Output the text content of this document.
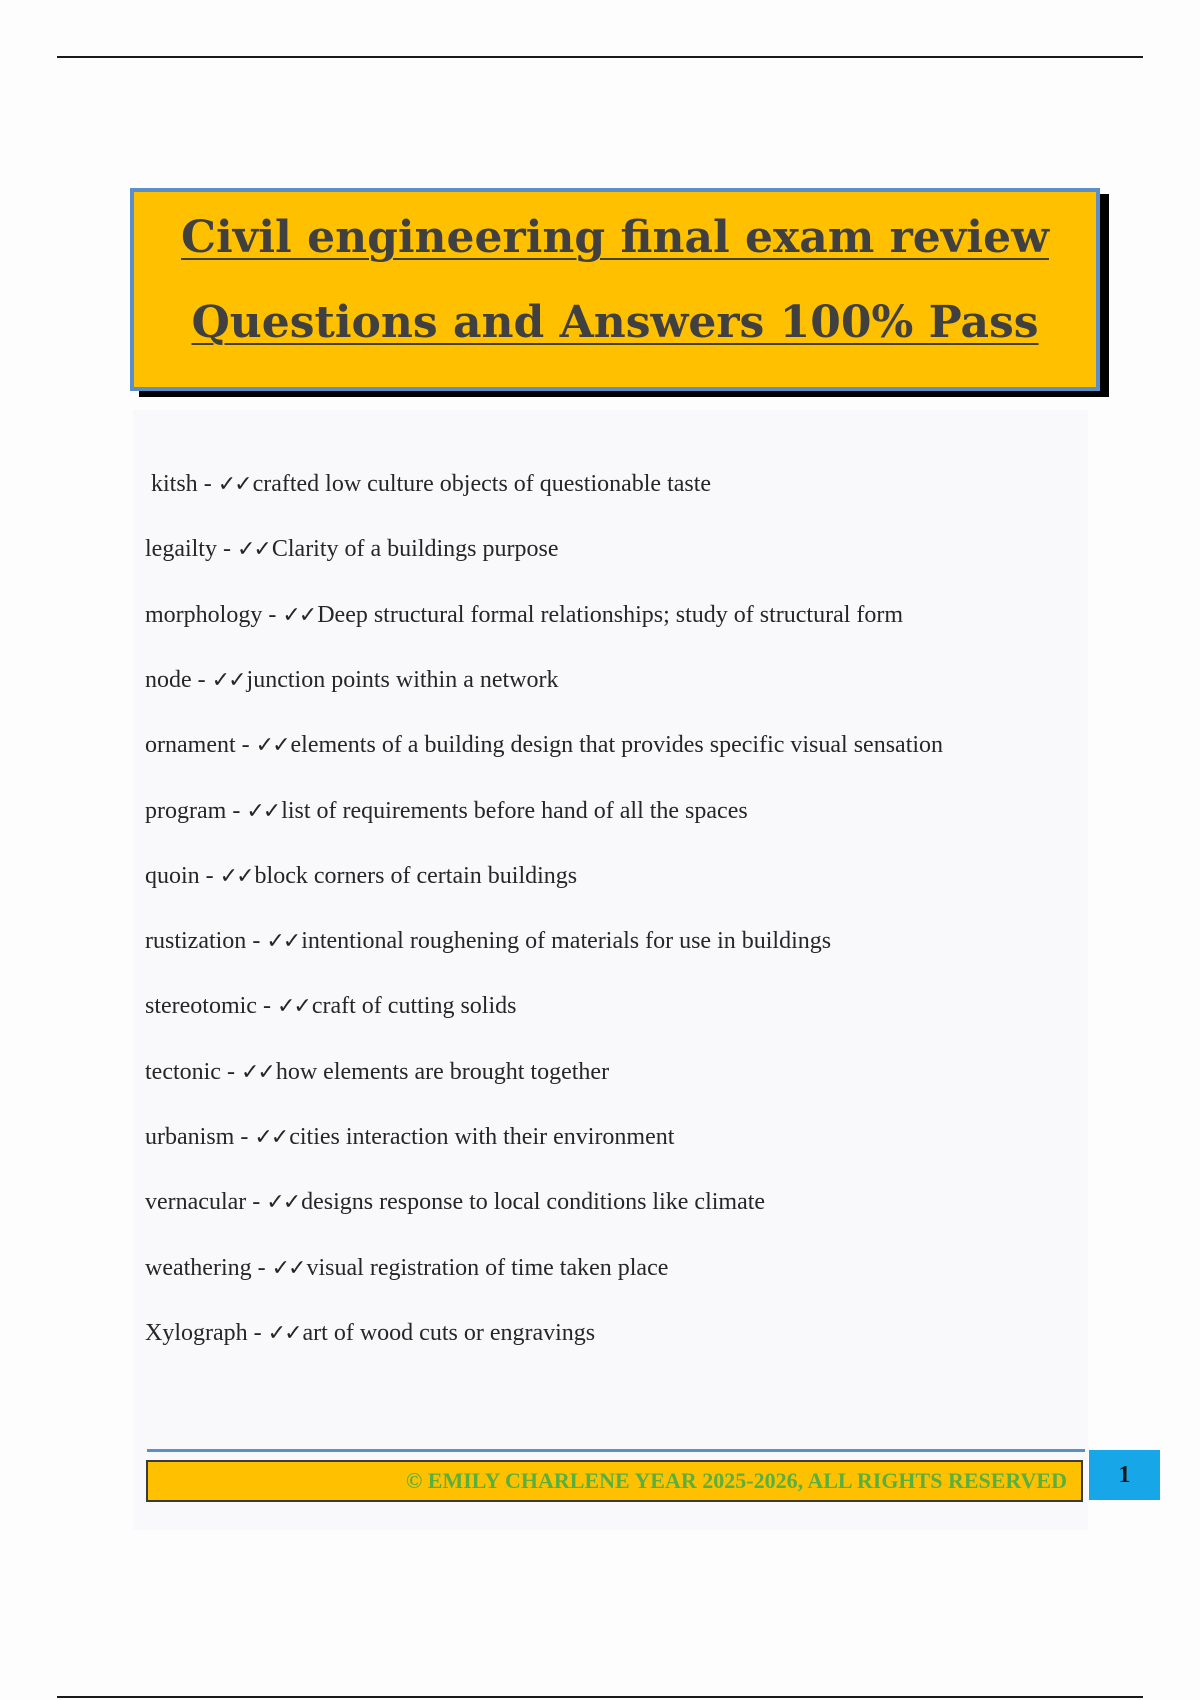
Civil engineering final exam review
Questions and Answers 100% Pass
kitsh - ✓✓crafted low culture objects of questionable taste
legailty - ✓✓Clarity of a buildings purpose
morphology - ✓✓Deep structural formal relationships; study of structural form
node - ✓✓junction points within a network
ornament - ✓✓elements of a building design that provides specific visual sensation
program - ✓✓list of requirements before hand of all the spaces
quoin - ✓✓block corners of certain buildings
rustization - ✓✓intentional roughening of materials for use in buildings
stereotomic - ✓✓craft of cutting solids
tectonic - ✓✓how elements are brought together
urbanism - ✓✓cities interaction with their environment
vernacular - ✓✓designs response to local conditions like climate
weathering - ✓✓visual registration of time taken place
Xylograph - ✓✓art of wood cuts or engravings
© EMILY CHARLENE YEAR 2025-2026, ALL RIGHTS RESERVED	1
